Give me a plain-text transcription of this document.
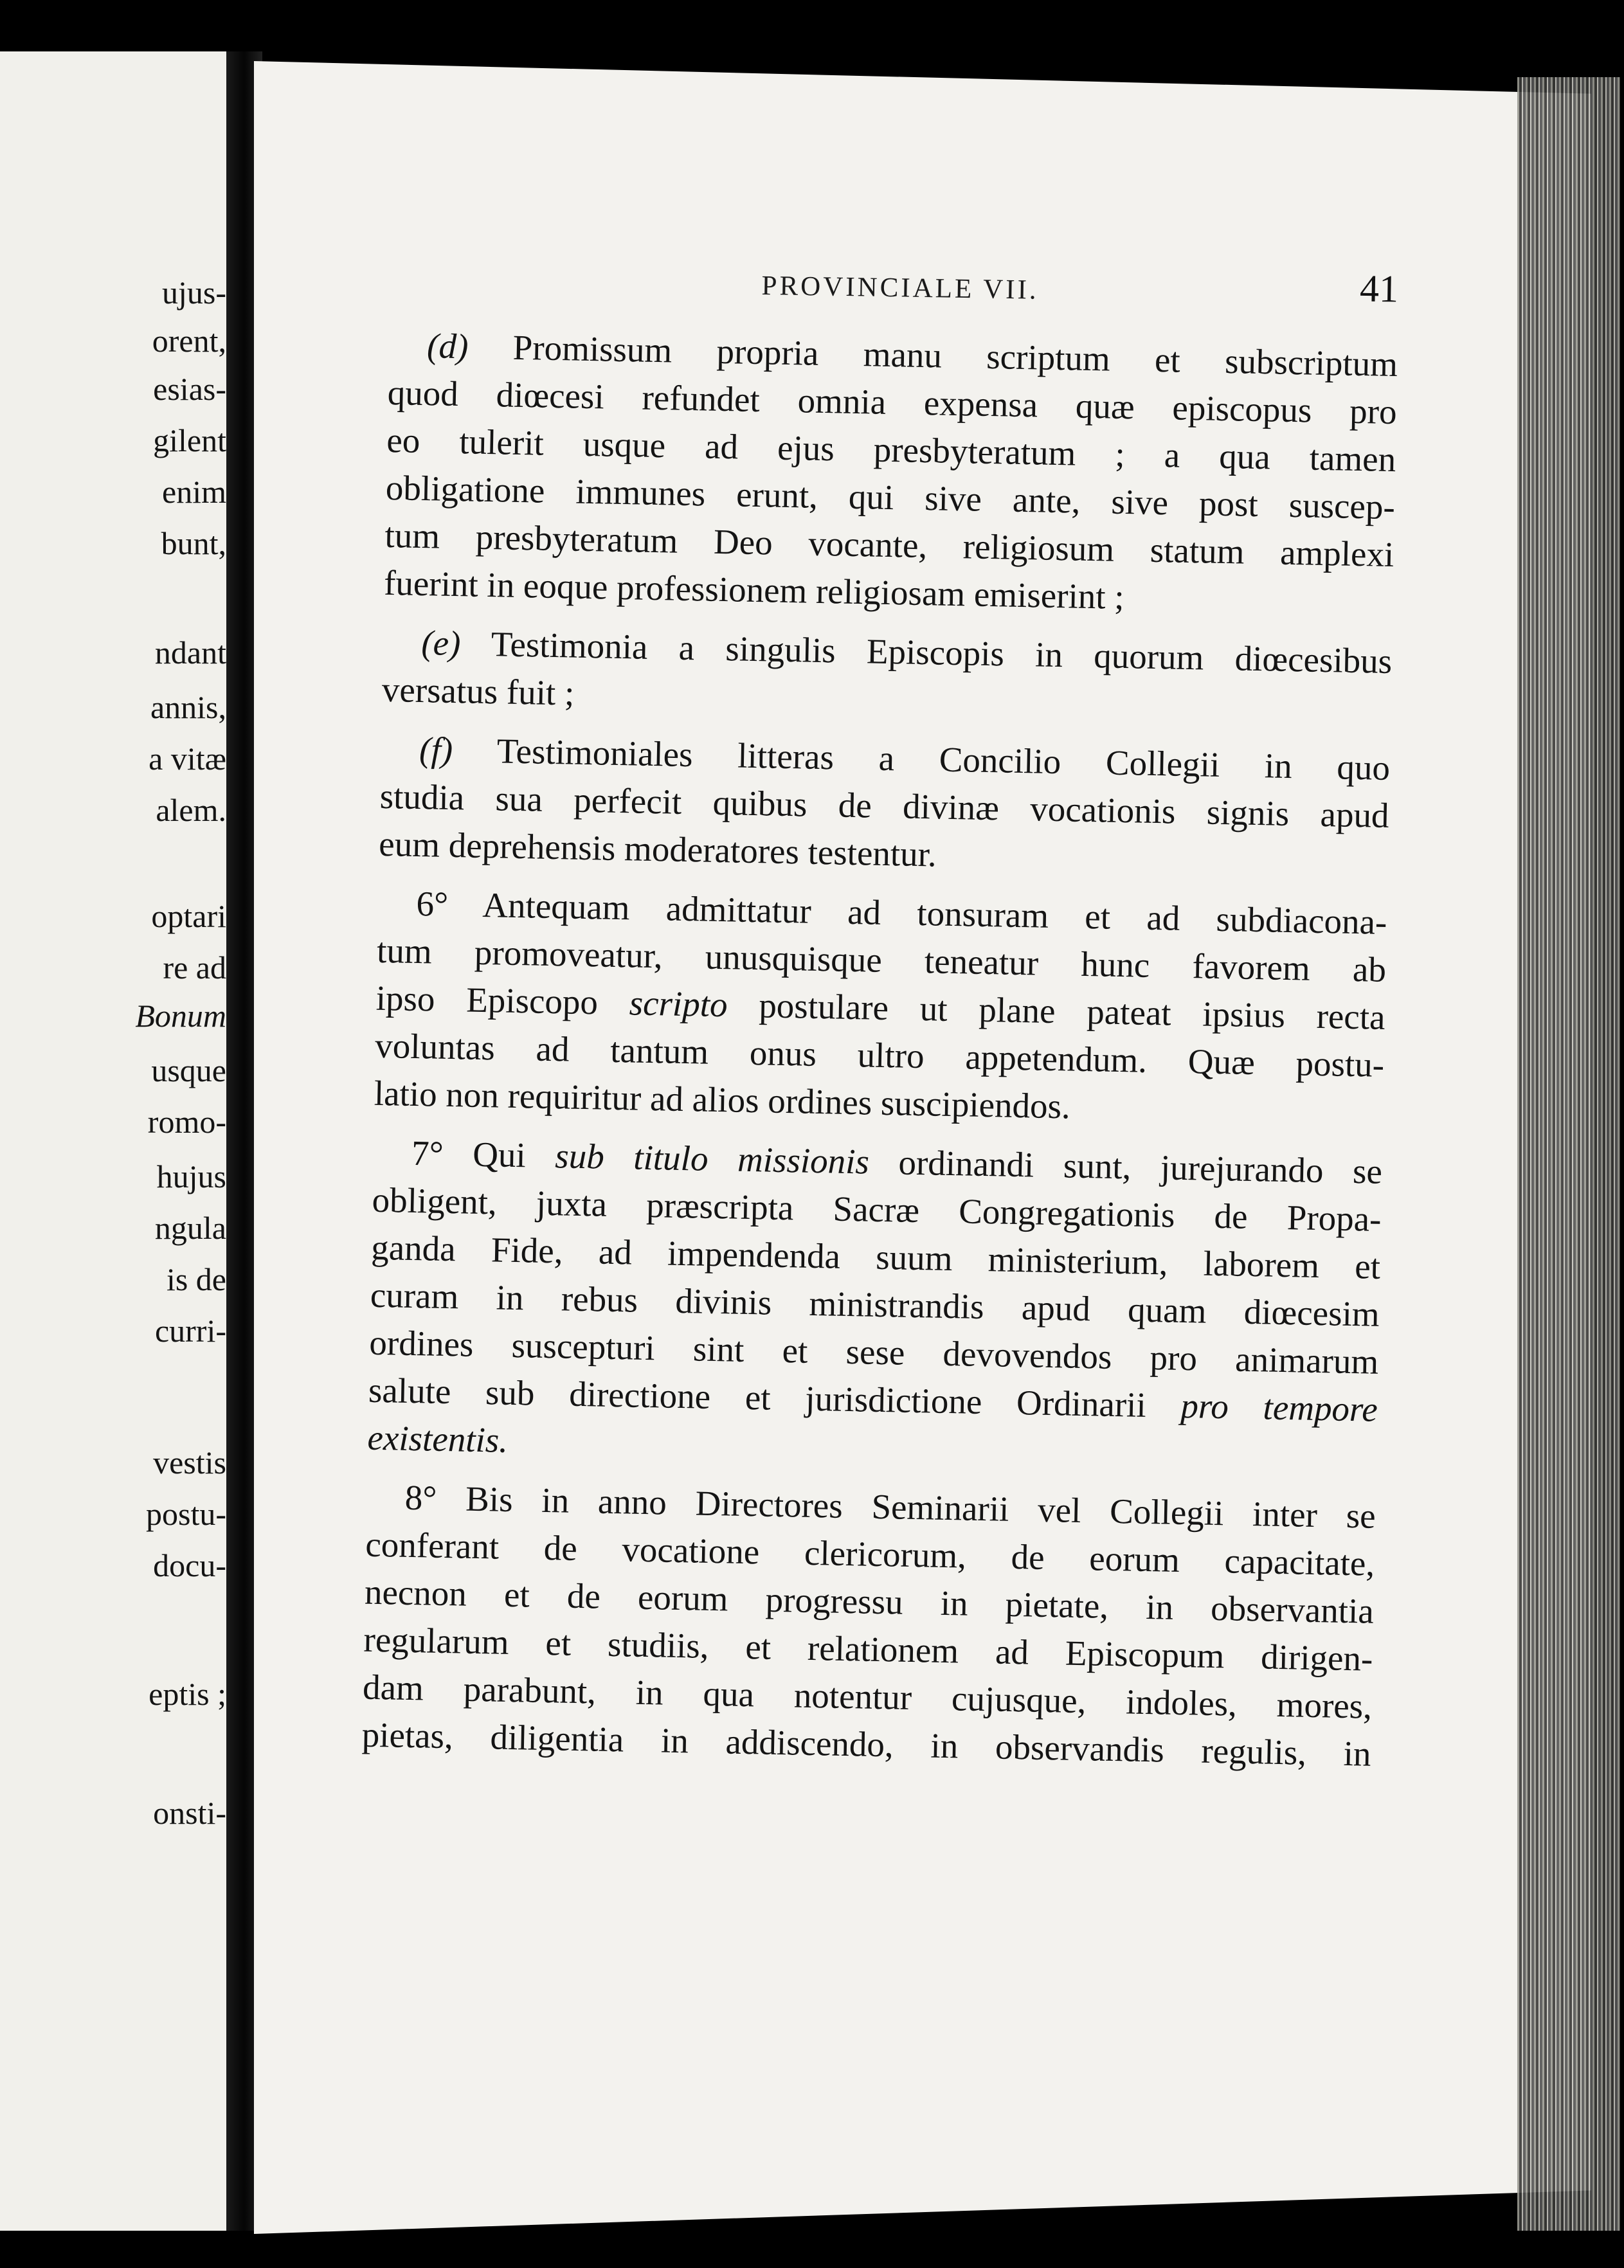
ujus-
orent,
esias-
gilent
enim
bunt,
ndant
annis,
a vitæ
alem.
optari
re ad
Bonum
usque
romo-
hujus
ngula
is de
curri-
vestis
postu-
docu-
eptis ;
onsti-
PROVINCIALE VII.	41
(d) Promissum propria manu scriptum et subscriptum
quod diœcesi refundet omnia expensa quæ episcopus pro
eo tulerit usque ad ejus presbyteratum ; a qua tamen
obligatione immunes erunt, qui sive ante, sive post suscep-
tum presbyteratum Deo vocante, religiosum statum amplexi
fuerint in eoque professionem religiosam emiserint ;
(e) Testimonia a singulis Episcopis in quorum diœcesibus
versatus fuit ;
(f) Testimoniales litteras a Concilio Collegii in quo
studia sua perfecit quibus de divinæ vocationis signis apud
eum deprehensis moderatores testentur.
6° Antequam admittatur ad tonsuram et ad subdiacona-
tum promoveatur, unusquisque teneatur hunc favorem ab
ipso Episcopo scripto postulare ut plane pateat ipsius recta
voluntas ad tantum onus ultro appetendum. Quæ postu-
latio non requiritur ad alios ordines suscipiendos.
7° Qui sub titulo missionis ordinandi sunt, jurejurando se
obligent, juxta præscripta Sacræ Congregationis de Propa-
ganda Fide, ad impendenda suum ministerium, laborem et
curam in rebus divinis ministrandis apud quam diœcesim
ordines suscepturi sint et sese devovendos pro animarum
salute sub directione et jurisdictione Ordinarii pro tempore
existentis.
8° Bis in anno Directores Seminarii vel Collegii inter se
conferant de vocatione clericorum, de eorum capacitate,
necnon et de eorum progressu in pietate, in observantia
regularum et studiis, et relationem ad Episcopum dirigen-
dam parabunt, in qua notentur cujusque, indoles, mores,
pietas, diligentia in addiscendo, in observandis regulis, in
